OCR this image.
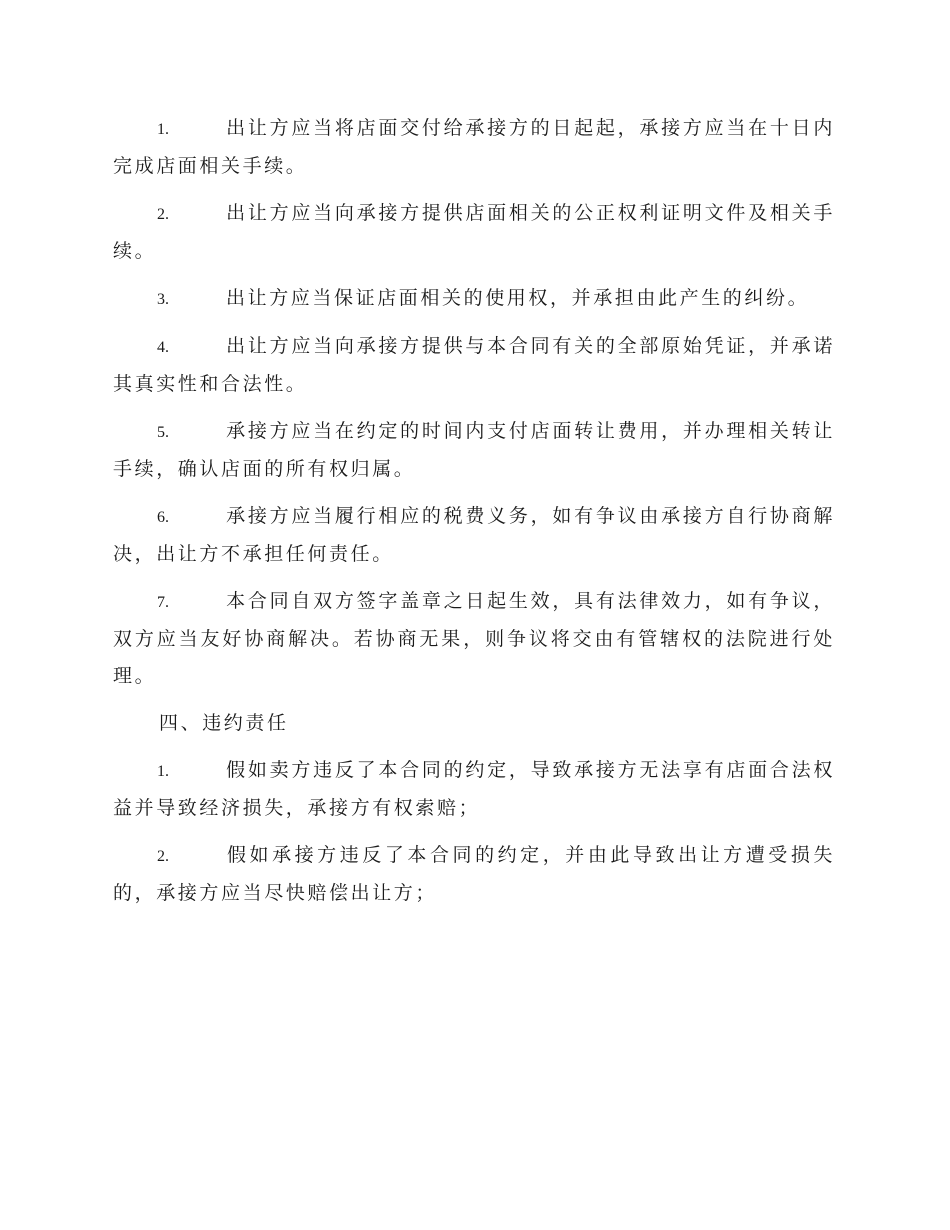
1.	出让方应当将店面交付给承接方的日起起，承接方应当在十日内完成店面相关手续。
2.	出让方应当向承接方提供店面相关的公正权利证明文件及相关手续。
3.	出让方应当保证店面相关的使用权，并承担由此产生的纠纷。
4.	出让方应当向承接方提供与本合同有关的全部原始凭证，并承诺其真实性和合法性。
5.	承接方应当在约定的时间内支付店面转让费用，并办理相关转让手续，确认店面的所有权归属。
6.	承接方应当履行相应的税费义务，如有争议由承接方自行协商解决，出让方不承担任何责任。
7.	本合同自双方签字盖章之日起生效，具有法律效力，如有争议，双方应当友好协商解决。若协商无果，则争议将交由有管辖权的法院进行处理。
四、违约责任
1.	假如卖方违反了本合同的约定，导致承接方无法享有店面合法权益并导致经济损失，承接方有权索赔；
2.	假如承接方违反了本合同的约定，并由此导致出让方遭受损失的，承接方应当尽快赔偿出让方；
